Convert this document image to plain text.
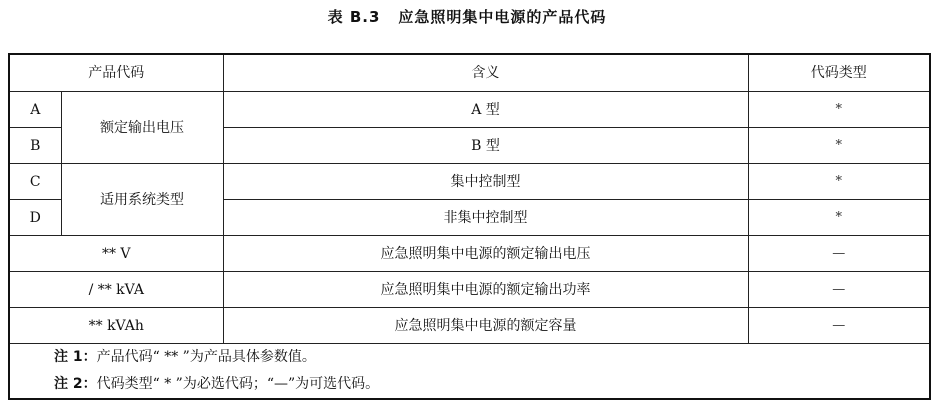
表 B.3 应急照明集中电源的产品代码
产品代码		含义	代码类型
A	额定输出电压	A 型	*
B		B 型	*
C	适用系统类型	集中控制型	*
D		非集中控制型	*
** V		应急照明集中电源的额定输出电压	—
/ ** kVA		应急照明集中电源的额定输出功率	—
** kVAh		应急照明集中电源的额定容量	—
注 1：产品代码“ ** ”为产品具体参数值。			
注 2：代码类型“ * ”为必选代码；“—”为可选代码。			
